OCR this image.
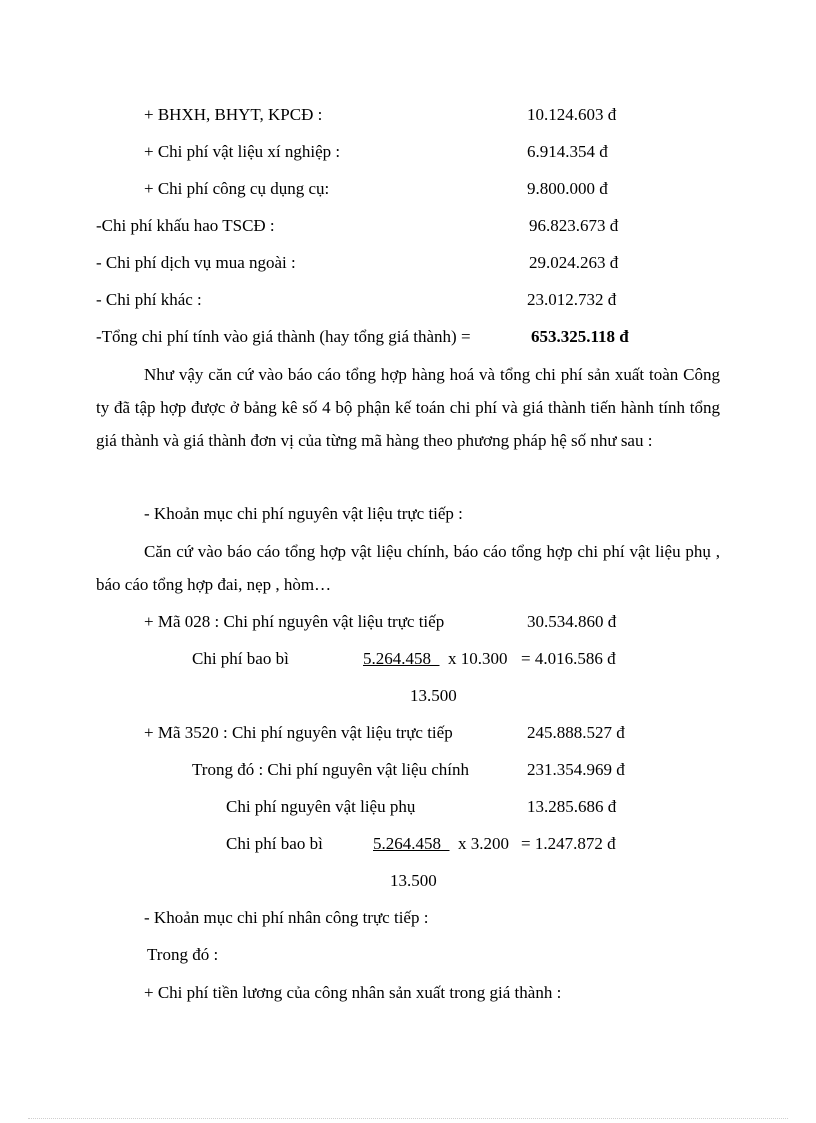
+ BHXH, BHYT, KPCĐ :	10.124.603 đ
+ Chi phí vật liệu xí nghiệp :	6.914.354 đ
+ Chi phí công cụ dụng cụ:	9.800.000 đ
-Chi phí khấu hao TSCĐ :	96.823.673 đ
- Chi phí dịch vụ mua ngoài :	29.024.263 đ
- Chi phí khác :	23.012.732 đ
-Tổng chi phí tính vào giá thành (hay tổng giá thành) =	653.325.118 đ
Như vậy căn cứ vào báo cáo tổng hợp hàng hoá và tổng chi phí sản xuất toàn Công ty đã tập hợp được ở bảng kê số 4 bộ phận kế toán chi phí và giá thành tiến hành tính tổng giá thành và giá thành đơn vị của từng mã hàng theo phương pháp hệ số như sau :
- Khoản mục chi phí nguyên vật liệu trực tiếp :
Căn cứ vào báo cáo tổng hợp vật liệu chính, báo cáo tổng hợp chi phí vật liệu phụ , báo cáo tổng hợp đai, nẹp , hòm…
+ Mã 028 : Chi phí nguyên vật liệu trực tiếp	30.534.860 đ
Chi phí bao bì	5.264.458 x 10.300 = 4.016.586 đ
13.500
+ Mã 3520 : Chi phí nguyên vật liệu trực tiếp	245.888.527 đ
Trong đó : Chi phí nguyên vật liệu chính	231.354.969 đ
Chi phí nguyên vật liệu phụ	13.285.686 đ
Chi phí bao bì	5.264.458 x 3.200 = 1.247.872 đ
13.500
- Khoản mục chi phí nhân công trực tiếp :
Trong đó :
+ Chi phí tiền lương của công nhân sản xuất trong giá thành :
